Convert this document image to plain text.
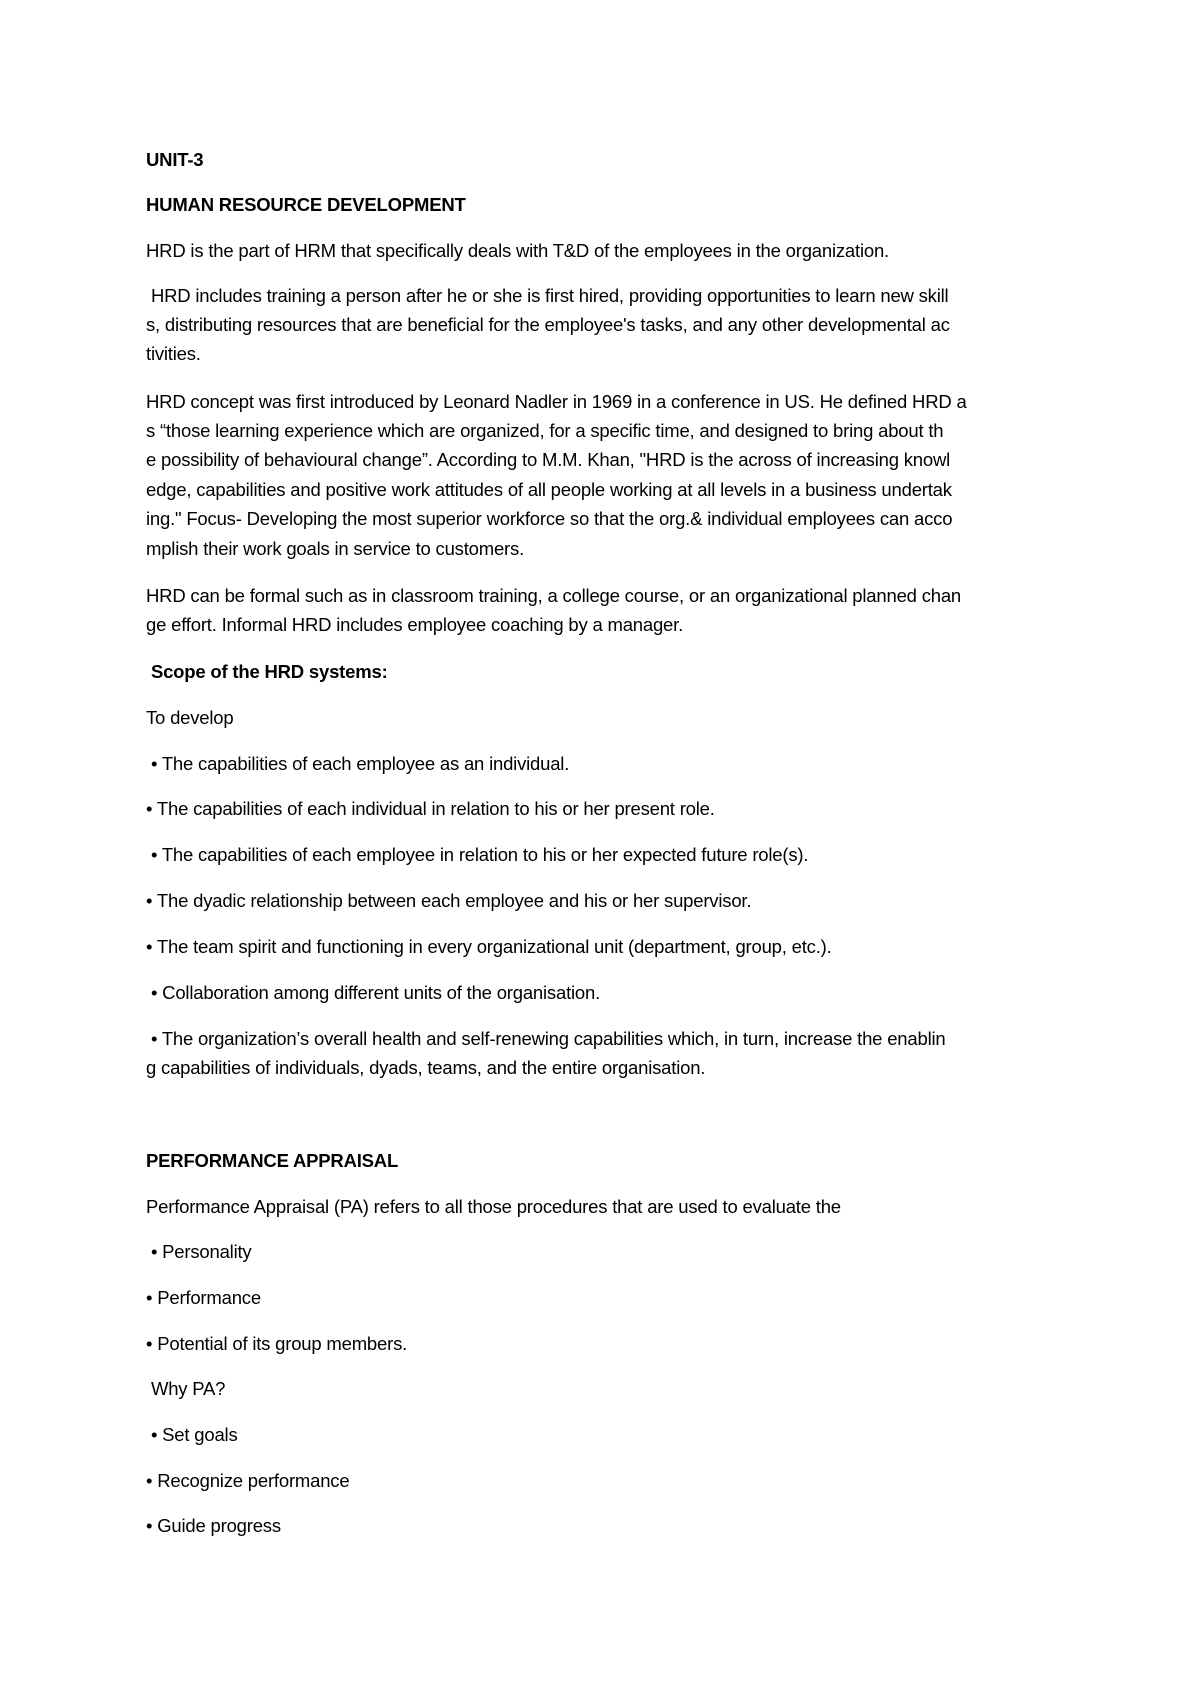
UNIT-3
HUMAN RESOURCE DEVELOPMENT
HRD is the part of HRM that specifically deals with T&D of the employees in the organization.
HRD includes training a person after he or she is first hired, providing opportunities to learn new skill
s, distributing resources that are beneficial for the employee's tasks, and any other developmental ac
tivities.
HRD concept was first introduced by Leonard Nadler in 1969 in a conference in US. He defined HRD a
s “those learning experience which are organized, for a specific time, and designed to bring about th
e possibility of behavioural change”. According to M.M. Khan, "HRD is the across of increasing knowl
edge, capabilities and positive work attitudes of all people working at all levels in a business undertak
ing." Focus- Developing the most superior workforce so that the org.& individual employees can acco
mplish their work goals in service to customers.
HRD can be formal such as in classroom training, a college course, or an organizational planned chan
ge effort. Informal HRD includes employee coaching by a manager.
Scope of the HRD systems:
To develop
• The capabilities of each employee as an individual.
• The capabilities of each individual in relation to his or her present role.
• The capabilities of each employee in relation to his or her expected future role(s).
• The dyadic relationship between each employee and his or her supervisor.
• The team spirit and functioning in every organizational unit (department, group, etc.).
• Collaboration among different units of the organisation.
• The organization’s overall health and self-renewing capabilities which, in turn, increase the enablin
g capabilities of individuals, dyads, teams, and the entire organisation.
PERFORMANCE APPRAISAL
Performance Appraisal (PA) refers to all those procedures that are used to evaluate the
• Personality
• Performance
• Potential of its group members.
Why PA?
• Set goals
• Recognize performance
• Guide progress
